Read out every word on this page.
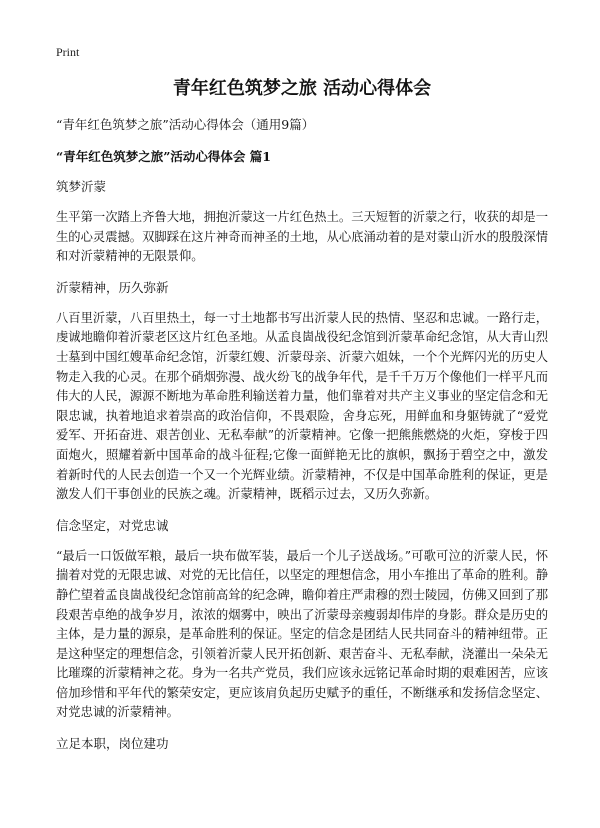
Print
青年红色筑梦之旅 活动心得体会
“青年红色筑梦之旅”活动心得体会（通用9篇）
“青年红色筑梦之旅”活动心得体会 篇1
筑梦沂蒙

生平第一次踏上齐鲁大地，拥抱沂蒙这一片红色热土。三天短暂的沂蒙之行，收获的却是一生的心灵震撼。双脚踩在这片神奇而神圣的土地，从心底涌动着的是对蒙山沂水的殷殷深情和对沂蒙精神的无限景仰。

沂蒙精神，历久弥新

八百里沂蒙，八百里热土，每一寸土地都书写出沂蒙人民的热情、坚忍和忠诚。一路行走，虔诚地瞻仰着沂蒙老区这片红色圣地。从孟良崮战役纪念馆到沂蒙革命纪念馆，从大青山烈士墓到中国红嫂革命纪念馆，沂蒙红嫂、沂蒙母亲、沂蒙六姐妹，一个个光辉闪光的历史人物走入我的心灵。在那个硝烟弥漫、战火纷飞的战争年代，是千千万万个像他们一样平凡而伟大的人民，源源不断地为革命胜利输送着力量，他们靠着对共产主义事业的坚定信念和无限忠诚，执着地追求着崇高的政治信仰，不畏艰险，舍身忘死，用鲜血和身躯铸就了“爱党爱军、开拓奋进、艰苦创业、无私奉献”的沂蒙精神。它像一把熊熊燃烧的火炬，穿梭于四面炮火，照耀着新中国革命的战斗征程;它像一面鲜艳无比的旗帜，飘扬于碧空之中，激发着新时代的人民去创造一个又一个光辉业绩。沂蒙精神，不仅是中国革命胜利的保证，更是激发人们干事创业的民族之魂。沂蒙精神，既稻示过去，又历久弥新。

信念坚定，对党忠诚

“最后一口饭做军粮，最后一块布做军装，最后一个儿子送战场。”可歌可泣的沂蒙人民，怀揣着对党的无限忠诚、对党的无比信任，以坚定的理想信念，用小车推出了革命的胜利。静静伫望着孟良崮战役纪念馆前高耸的纪念碑，瞻仰着庄严肃穆的烈士陵园，仿佛又回到了那段艰苦卓绝的战争岁月，浓浓的烟雾中，映出了沂蒙母亲瘦弱却伟岸的身影。群众是历史的主体，是力量的源泉，是革命胜利的保证。坚定的信念是团结人民共同奋斗的精神纽带。正是这种坚定的理想信念，引领着沂蒙人民开拓创新、艰苦奋斗、无私奉献，浇灌出一朵朵无比璀璨的沂蒙精神之花。身为一名共产党员，我们应该永远铭记革命时期的艰难困苦，应该倍加珍惜和平年代的繁荣安定，更应该肩负起历史赋予的重任，不断继承和发扬信念坚定、对党忠诚的沂蒙精神。

立足本职，岗位建功
